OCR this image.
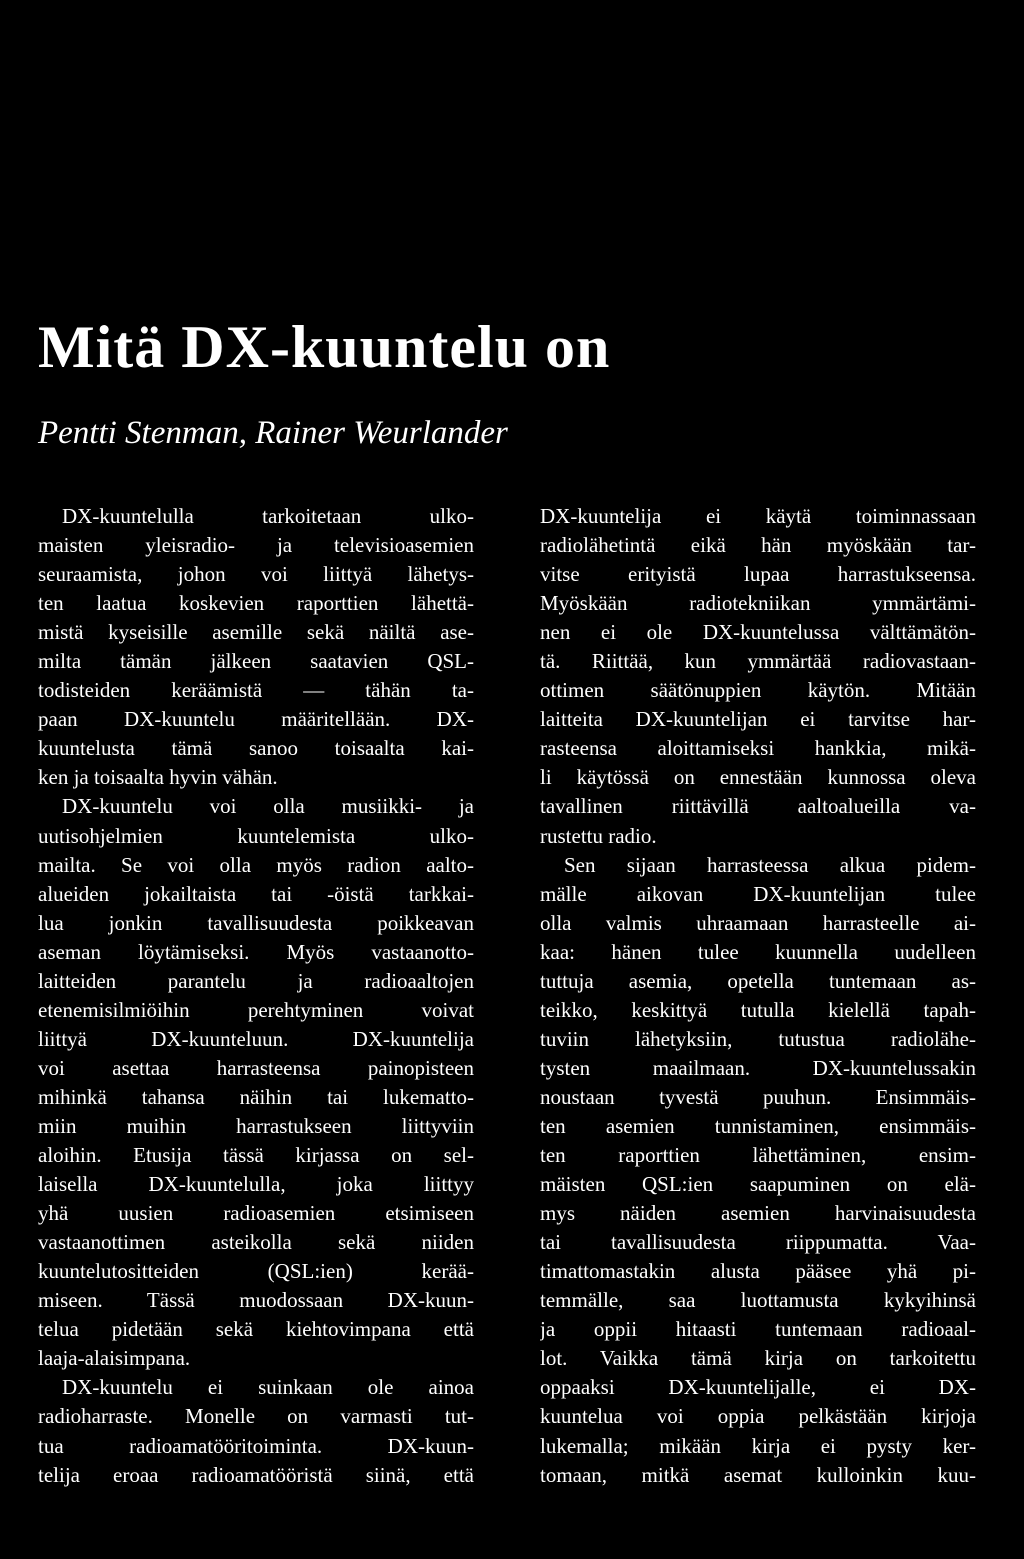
Mitä DX-kuuntelu on
Pentti Stenman, Rainer Weurlander
DX-kuuntelulla tarkoitetaan ulko-
maisten yleisradio- ja televisioasemien
seuraamista, johon voi liittyä lähetys-
ten laatua koskevien raporttien lähettä-
mistä kyseisille asemille sekä näiltä ase-
milta tämän jälkeen saatavien QSL-
todisteiden keräämistä — tähän ta-
paan DX-kuuntelu määritellään. DX-
kuuntelusta tämä sanoo toisaalta kai-
ken ja toisaalta hyvin vähän.
DX-kuuntelu voi olla musiikki- ja
uutisohjelmien kuuntelemista ulko-
mailta. Se voi olla myös radion aalto-
alueiden jokailtaista tai -öistä tarkkai-
lua jonkin tavallisuudesta poikkeavan
aseman löytämiseksi. Myös vastaanotto-
laitteiden parantelu ja radioaaltojen
etenemisilmiöihin perehtyminen voivat
liittyä DX-kuunteluun. DX-kuuntelija
voi asettaa harrasteensa painopisteen
mihinkä tahansa näihin tai lukematto-
miin muihin harrastukseen liittyviin
aloihin. Etusija tässä kirjassa on sel-
laisella DX-kuuntelulla, joka liittyy
yhä uusien radioasemien etsimiseen
vastaanottimen asteikolla sekä niiden
kuuntelutositteiden (QSL:ien) kerää-
miseen. Tässä muodossaan DX-kuun-
telua pidetään sekä kiehtovimpana että
laaja-alaisimpana.
DX-kuuntelu ei suinkaan ole ainoa
radioharraste. Monelle on varmasti tut-
tua radioamatööritoiminta. DX-kuun-
telija eroaa radioamatööristä siinä, että
DX-kuuntelija ei käytä toiminnassaan
radiolähetintä eikä hän myöskään tar-
vitse erityistä lupaa harrastukseensa.
Myöskään radiotekniikan ymmärtämi-
nen ei ole DX-kuuntelussa välttämätön-
tä. Riittää, kun ymmärtää radiovastaan-
ottimen säätönuppien käytön. Mitään
laitteita DX-kuuntelijan ei tarvitse har-
rasteensa aloittamiseksi hankkia, mikä-
li käytössä on ennestään kunnossa oleva
tavallinen riittävillä aaltoalueilla va-
rustettu radio.
Sen sijaan harrasteessa alkua pidem-
mälle aikovan DX-kuuntelijan tulee
olla valmis uhraamaan harrasteelle ai-
kaa: hänen tulee kuunnella uudelleen
tuttuja asemia, opetella tuntemaan as-
teikko, keskittyä tutulla kielellä tapah-
tuviin lähetyksiin, tutustua radiolähe-
tysten maailmaan. DX-kuuntelussakin
noustaan tyvestä puuhun. Ensimmäis-
ten asemien tunnistaminen, ensimmäis-
ten raporttien lähettäminen, ensim-
mäisten QSL:ien saapuminen on elä-
mys näiden asemien harvinaisuudesta
tai tavallisuudesta riippumatta. Vaa-
timattomastakin alusta pääsee yhä pi-
temmälle, saa luottamusta kykyihinsä
ja oppii hitaasti tuntemaan radioaal-
lot. Vaikka tämä kirja on tarkoitettu
oppaaksi DX-kuuntelijalle, ei DX-
kuuntelua voi oppia pelkästään kirjoja
lukemalla; mikään kirja ei pysty ker-
tomaan, mitkä asemat kulloinkin kuu-
